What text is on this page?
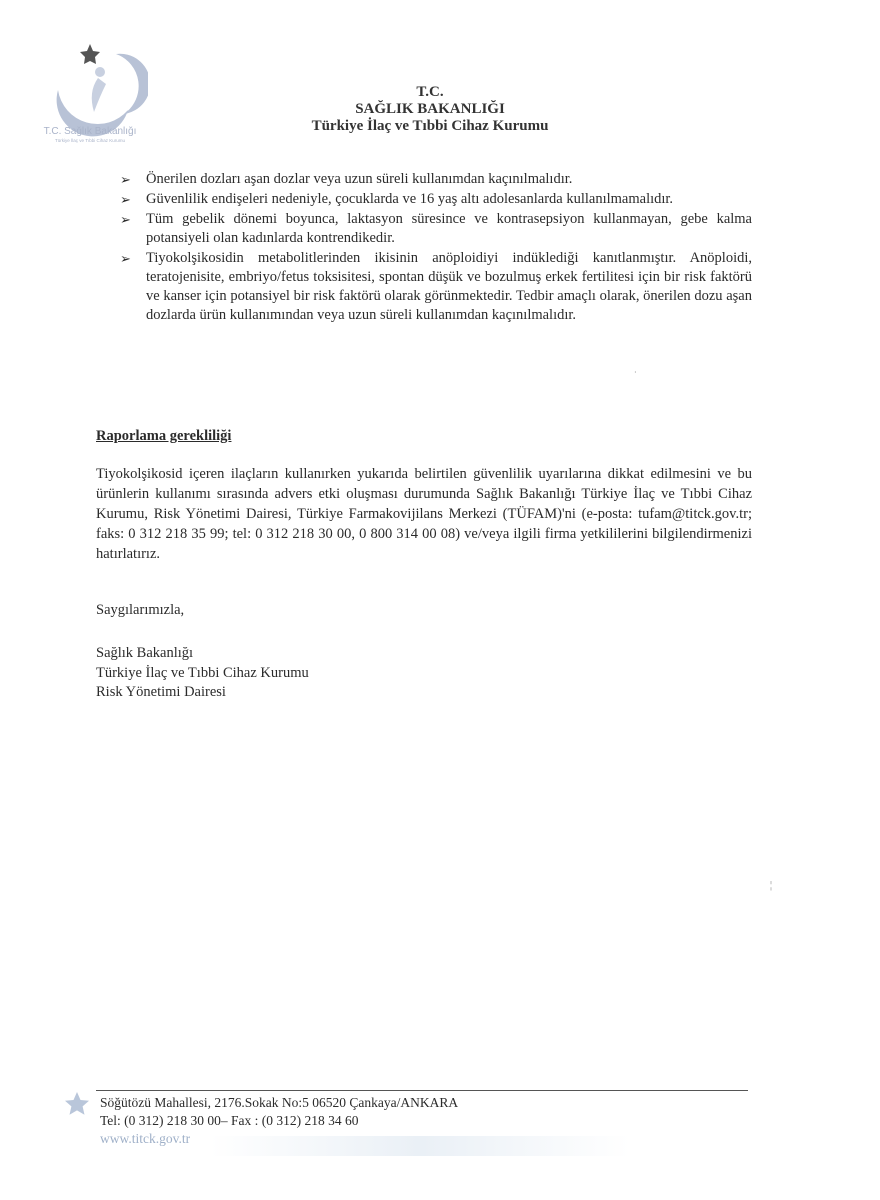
T.C. Sağlık Bakanlığı
Türkiye İlaç ve Tıbbi Cihaz Kurumu
T.C.
SAĞLIK BAKANLIĞI
Türkiye İlaç ve Tıbbi Cihaz Kurumu
➢ Önerilen dozları aşan dozlar veya uzun süreli kullanımdan kaçınılmalıdır.
➢ Güvenlilik endişeleri nedeniyle, çocuklarda ve 16 yaş altı adolesanlarda kullanılmamalıdır.
➢ Tüm gebelik dönemi boyunca, laktasyon süresince ve kontrasepsiyon kullanmayan, gebe kalma potansiyeli olan kadınlarda kontrendikedir.
➢ Tiyokolşikosidin metabolitlerinden ikisinin anöploidiyi indüklediği kanıtlanmıştır. Anöploidi, teratojenisite, embriyo/fetus toksisitesi, spontan düşük ve bozulmuş erkek fertilitesi için bir risk faktörü ve kanser için potansiyel bir risk faktörü olarak görünmektedir. Tedbir amaçlı olarak, önerilen dozu aşan dozlarda ürün kullanımından veya uzun süreli kullanımdan kaçınılmalıdır.
·
Raporlama gerekliliği
Tiyokolşikosid içeren ilaçların kullanırken yukarıda belirtilen güvenlilik uyarılarına dikkat edilmesini ve bu ürünlerin kullanımı sırasında advers etki oluşması durumunda Sağlık Bakanlığı Türkiye İlaç ve Tıbbi Cihaz Kurumu, Risk Yönetimi Dairesi, Türkiye Farmakovijilans Merkezi (TÜFAM)'ni (e-posta: tufam@titck.gov.tr; faks: 0 312 218 35 99; tel: 0 312 218 30 00, 0 800 314 00 08) ve/veya ilgili firma yetkililerini bilgilendirmenizi hatırlatırız.
Saygılarımızla,
Sağlık Bakanlığı
Türkiye İlaç ve Tıbbi Cihaz Kurumu
Risk Yönetimi Dairesi
¦
Söğütözü Mahallesi, 2176.Sokak No:5 06520 Çankaya/ANKARA
Tel: (0 312) 218 30 00– Fax : (0 312) 218 34 60
www.titck.gov.tr
